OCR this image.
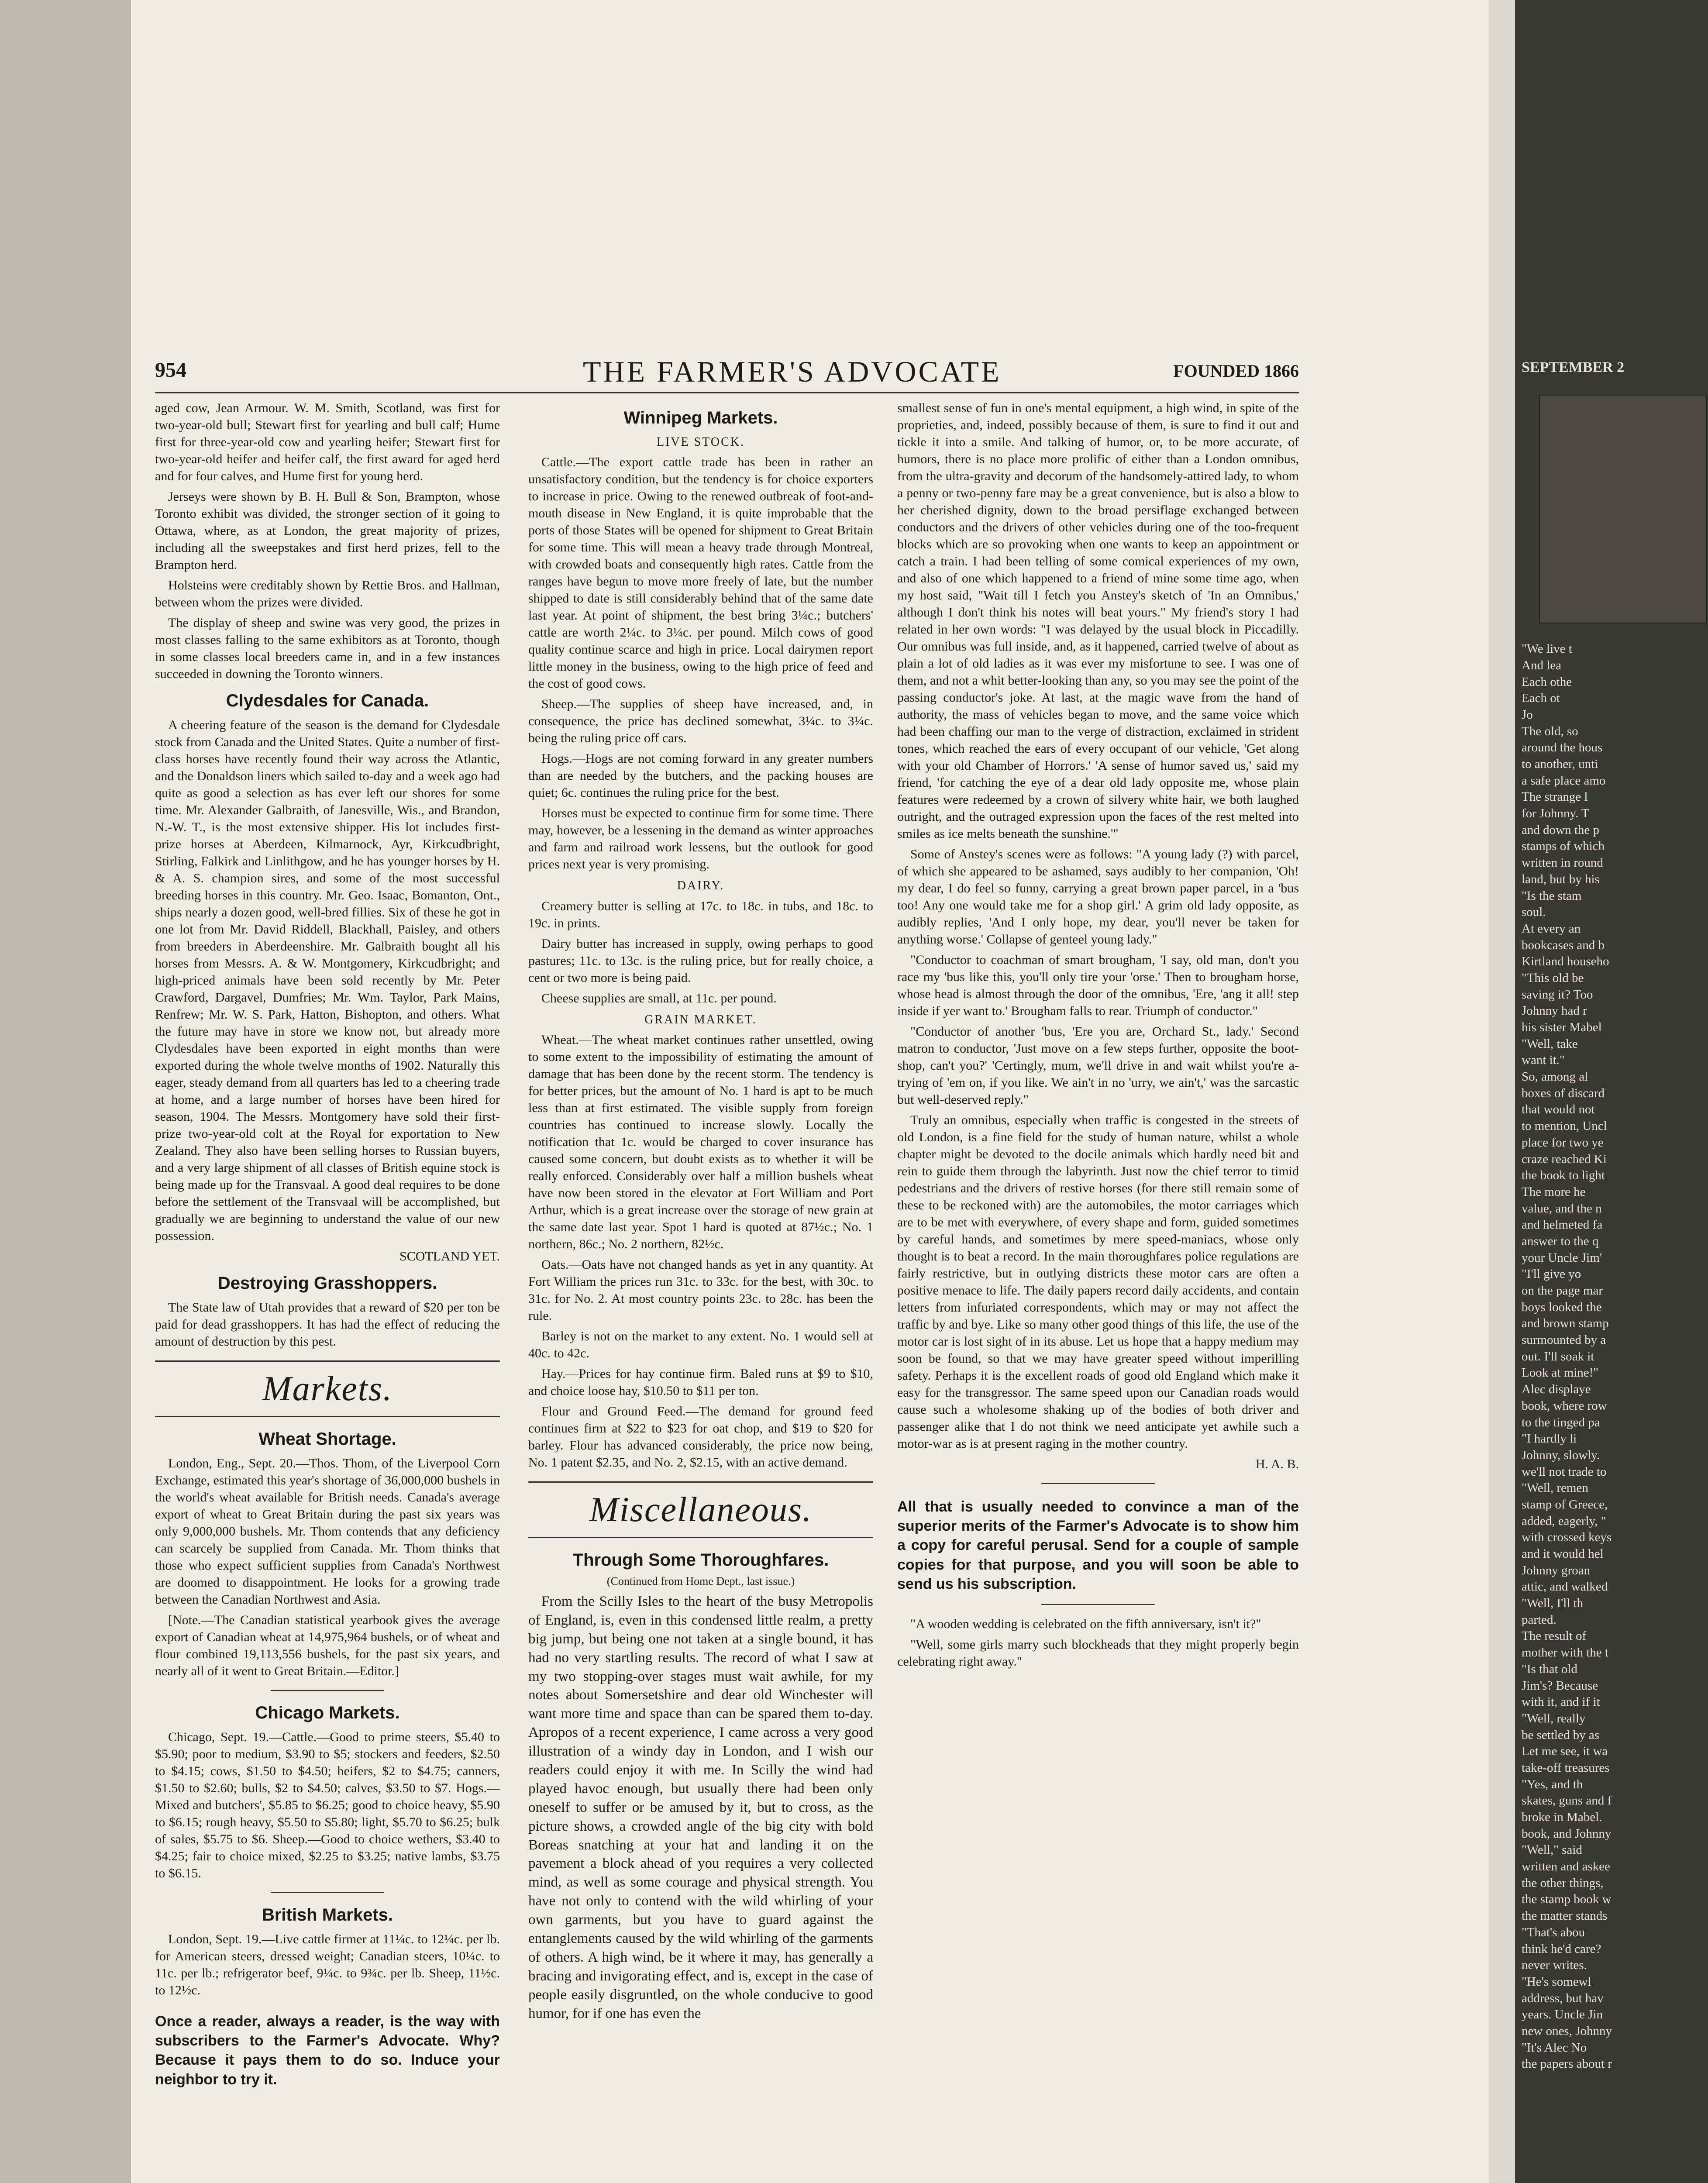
954	THE FARMER'S ADVOCATE	FOUNDED 1866

aged cow, Jean Armour. W. M. Smith, Scotland, was first for two-year-old bull; Stewart first for yearling and bull calf; Hume first for three-year-old cow and yearling heifer; Stewart first for two-year-old heifer and heifer calf, the first award for aged herd and for four calves, and Hume first for young herd.

Jerseys were shown by B. H. Bull & Son, Brampton, whose Toronto exhibit was divided, the stronger section of it going to Ottawa, where, as at London, the great majority of prizes, including all the sweepstakes and first herd prizes, fell to the Brampton herd.

Holsteins were creditably shown by Rettie Bros. and Hallman, between whom the prizes were divided.

The display of sheep and swine was very good, the prizes in most classes falling to the same exhibitors as at Toronto, though in some classes local breeders came in, and in a few instances succeeded in downing the Toronto winners.

Clydesdales for Canada.

A cheering feature of the season is the demand for Clydesdale stock from Canada and the United States. Quite a number of first-class horses have recently found their way across the Atlantic, and the Donaldson liners which sailed to-day and a week ago had quite as good a selection as has ever left our shores for some time. Mr. Alexander Galbraith, of Janesville, Wis., and Brandon, N.-W. T., is the most extensive shipper. His lot includes first-prize horses at Aberdeen, Kilmarnock, Ayr, Kirkcudbright, Stirling, Falkirk and Linlithgow, and he has younger horses by H. & A. S. champion sires, and some of the most successful breeding horses in this country. Mr. Geo. Isaac, Bomanton, Ont., ships nearly a dozen good, well-bred fillies. Six of these he got in one lot from Mr. David Riddell, Blackhall, Paisley, and others from breeders in Aberdeenshire. Mr. Galbraith bought all his horses from Messrs. A. & W. Montgomery, Kirkcudbright; and high-priced animals have been sold recently by Mr. Peter Crawford, Dargavel, Dumfries; Mr. Wm. Taylor, Park Mains, Renfrew; Mr. W. S. Park, Hatton, Bishopton, and others. What the future may have in store we know not, but already more Clydesdales have been exported in eight months than were exported during the whole twelve months of 1902. Naturally this eager, steady demand from all quarters has led to a cheering trade at home, and a large number of horses have been hired for season, 1904. The Messrs. Montgomery have sold their first-prize two-year-old colt at the Royal for exportation to New Zealand. They also have been selling horses to Russian buyers, and a very large shipment of all classes of British equine stock is being made up for the Transvaal. A good deal requires to be done before the settlement of the Transvaal will be accomplished, but gradually we are beginning to understand the value of our new possession.

SCOTLAND YET.
Destroying Grasshoppers.

The State law of Utah provides that a reward of $20 per ton be paid for dead grasshoppers. It has had the effect of reducing the amount of destruction by this pest.

Markets.
Wheat Shortage.

London, Eng., Sept. 20.—Thos. Thom, of the Liverpool Corn Exchange, estimated this year's shortage of 36,000,000 bushels in the world's wheat available for British needs. Canada's average export of wheat to Great Britain during the past six years was only 9,000,000 bushels. Mr. Thom contends that any deficiency can scarcely be supplied from Canada. Mr. Thom thinks that those who expect sufficient supplies from Canada's Northwest are doomed to disappointment. He looks for a growing trade between the Canadian Northwest and Asia.

[Note.—The Canadian statistical yearbook gives the average export of Canadian wheat at 14,975,964 bushels, or of wheat and flour combined 19,113,556 bushels, for the past six years, and nearly all of it went to Great Britain.—Editor.]

Chicago Markets.

Chicago, Sept. 19.—Cattle.—Good to prime steers, $5.40 to $5.90; poor to medium, $3.90 to $5; stockers and feeders, $2.50 to $4.15; cows, $1.50 to $4.50; heifers, $2 to $4.75; canners, $1.50 to $2.60; bulls, $2 to $4.50; calves, $3.50 to $7. Hogs.—Mixed and butchers', $5.85 to $6.25; good to choice heavy, $5.90 to $6.15; rough heavy, $5.50 to $5.80; light, $5.70 to $6.25; bulk of sales, $5.75 to $6. Sheep.—Good to choice wethers, $3.40 to $4.25; fair to choice mixed, $2.25 to $3.25; native lambs, $3.75 to $6.15.

British Markets.

London, Sept. 19.—Live cattle firmer at 11¼c. to 12¼c. per lb. for American steers, dressed weight; Canadian steers, 10¼c. to 11c. per lb.; refrigerator beef, 9¼c. to 9¾c. per lb. Sheep, 11½c. to 12½c.

Once a reader, always a reader, is the way with subscribers to the Farmer's Advocate. Why? Because it pays them to do so. Induce your neighbor to try it.

Winnipeg Markets.
LIVE STOCK.

Cattle.—The export cattle trade has been in rather an unsatisfactory condition, but the tendency is for choice exporters to increase in price. Owing to the renewed outbreak of foot-and-mouth disease in New England, it is quite improbable that the ports of those States will be opened for shipment to Great Britain for some time. This will mean a heavy trade through Montreal, with crowded boats and consequently high rates. Cattle from the ranges have begun to move more freely of late, but the number shipped to date is still considerably behind that of the same date last year. At point of shipment, the best bring 3¼c.; butchers' cattle are worth 2¼c. to 3¼c. per pound. Milch cows of good quality continue scarce and high in price. Local dairymen report little money in the business, owing to the high price of feed and the cost of good cows.

Sheep.—The supplies of sheep have increased, and, in consequence, the price has declined somewhat, 3¼c. to 3¼c. being the ruling price off cars.

Hogs.—Hogs are not coming forward in any greater numbers than are needed by the butchers, and the packing houses are quiet; 6c. continues the ruling price for the best.

Horses must be expected to continue firm for some time. There may, however, be a lessening in the demand as winter approaches and farm and railroad work lessens, but the outlook for good prices next year is very promising.

DAIRY.

Creamery butter is selling at 17c. to 18c. in tubs, and 18c. to 19c. in prints.

Dairy butter has increased in supply, owing perhaps to good pastures; 11c. to 13c. is the ruling price, but for really choice, a cent or two more is being paid.

Cheese supplies are small, at 11c. per pound.

GRAIN MARKET.

Wheat.—The wheat market continues rather unsettled, owing to some extent to the impossibility of estimating the amount of damage that has been done by the recent storm. The tendency is for better prices, but the amount of No. 1 hard is apt to be much less than at first estimated. The visible supply from foreign countries has continued to increase slowly. Locally the notification that 1c. would be charged to cover insurance has caused some concern, but doubt exists as to whether it will be really enforced. Considerably over half a million bushels wheat have now been stored in the elevator at Fort William and Port Arthur, which is a great increase over the storage of new grain at the same date last year. Spot 1 hard is quoted at 87½c.; No. 1 northern, 86c.; No. 2 northern, 82½c.

Oats.—Oats have not changed hands as yet in any quantity. At Fort William the prices run 31c. to 33c. for the best, with 30c. to 31c. for No. 2. At most country points 23c. to 28c. has been the rule.

Barley is not on the market to any extent. No. 1 would sell at 40c. to 42c.

Hay.—Prices for hay continue firm. Baled runs at $9 to $10, and choice loose hay, $10.50 to $11 per ton.

Flour and Ground Feed.—The demand for ground feed continues firm at $22 to $23 for oat chop, and $19 to $20 for barley. Flour has advanced considerably, the price now being, No. 1 patent $2.35, and No. 2, $2.15, with an active demand.

Miscellaneous.
Through Some Thoroughfares.
(Continued from Home Dept., last issue.)

From the Scilly Isles to the heart of the busy Metropolis of England, is, even in this condensed little realm, a pretty big jump, but being one not taken at a single bound, it has had no very startling results. The record of what I saw at my two stopping-over stages must wait awhile, for my notes about Somersetshire and dear old Winchester will want more time and space than can be spared them to-day. Apropos of a recent experience, I came across a very good illustration of a windy day in London, and I wish our readers could enjoy it with me. In Scilly the wind had played havoc enough, but usually there had been only oneself to suffer or be amused by it, but to cross, as the picture shows, a crowded angle of the big city with bold Boreas snatching at your hat and landing it on the pavement a block ahead of you requires a very collected mind, as well as some courage and physical strength. You have not only to contend with the wild whirling of your own garments, but you have to guard against the entanglements caused by the wild whirling of the garments of others. A high wind, be it where it may, has generally a bracing and invigorating effect, and is, except in the case of people easily disgruntled, on the whole conducive to good humor, for if one has even the

smallest sense of fun in one's mental equipment, a high wind, in spite of the proprieties, and, indeed, possibly because of them, is sure to find it out and tickle it into a smile. And talking of humor, or, to be more accurate, of humors, there is no place more prolific of either than a London omnibus, from the ultra-gravity and decorum of the handsomely-attired lady, to whom a penny or two-penny fare may be a great convenience, but is also a blow to her cherished dignity, down to the broad persiflage exchanged between conductors and the drivers of other vehicles during one of the too-frequent blocks which are so provoking when one wants to keep an appointment or catch a train. I had been telling of some comical experiences of my own, and also of one which happened to a friend of mine some time ago, when my host said, "Wait till I fetch you Anstey's sketch of 'In an Omnibus,' although I don't think his notes will beat yours." My friend's story I had related in her own words: "I was delayed by the usual block in Piccadilly. Our omnibus was full inside, and, as it happened, carried twelve of about as plain a lot of old ladies as it was ever my misfortune to see. I was one of them, and not a whit better-looking than any, so you may see the point of the passing conductor's joke. At last, at the magic wave from the hand of authority, the mass of vehicles began to move, and the same voice which had been chaffing our man to the verge of distraction, exclaimed in strident tones, which reached the ears of every occupant of our vehicle, 'Get along with your old Chamber of Horrors.' 'A sense of humor saved us,' said my friend, 'for catching the eye of a dear old lady opposite me, whose plain features were redeemed by a crown of silvery white hair, we both laughed outright, and the outraged expression upon the faces of the rest melted into smiles as ice melts beneath the sunshine.'"

Some of Anstey's scenes were as follows: "A young lady (?) with parcel, of which she appeared to be ashamed, says audibly to her companion, 'Oh! my dear, I do feel so funny, carrying a great brown paper parcel, in a 'bus too! Any one would take me for a shop girl.' A grim old lady opposite, as audibly replies, 'And I only hope, my dear, you'll never be taken for anything worse.' Collapse of genteel young lady."

"Conductor to coachman of smart brougham, 'I say, old man, don't you race my 'bus like this, you'll only tire your 'orse.' Then to brougham horse, whose head is almost through the door of the omnibus, 'Ere, 'ang it all! step inside if yer want to.' Brougham falls to rear. Triumph of conductor."

"Conductor of another 'bus, 'Ere you are, Orchard St., lady.' Second matron to conductor, 'Just move on a few steps further, opposite the boot-shop, can't you?' 'Certingly, mum, we'll drive in and wait whilst you're a-trying of 'em on, if you like. We ain't in no 'urry, we ain't,' was the sarcastic but well-deserved reply."

Truly an omnibus, especially when traffic is congested in the streets of old London, is a fine field for the study of human nature, whilst a whole chapter might be devoted to the docile animals which hardly need bit and rein to guide them through the labyrinth. Just now the chief terror to timid pedestrians and the drivers of restive horses (for there still remain some of these to be reckoned with) are the automobiles, the motor carriages which are to be met with everywhere, of every shape and form, guided sometimes by careful hands, and sometimes by mere speed-maniacs, whose only thought is to beat a record. In the main thoroughfares police regulations are fairly restrictive, but in outlying districts these motor cars are often a positive menace to life. The daily papers record daily accidents, and contain letters from infuriated correspondents, which may or may not affect the traffic by and bye. Like so many other good things of this life, the use of the motor car is lost sight of in its abuse. Let us hope that a happy medium may soon be found, so that we may have greater speed without imperilling safety. Perhaps it is the excellent roads of good old England which make it easy for the transgressor. The same speed upon our Canadian roads would cause such a wholesome shaking up of the bodies of both driver and passenger alike that I do not think we need anticipate yet awhile such a motor-war as is at present raging in the mother country.

H. A. B.

All that is usually needed to convince a man of the superior merits of the Farmer's Advocate is to show him a copy for careful perusal. Send for a couple of sample copies for that purpose, and you will soon be able to send us his subscription.

"A wooden wedding is celebrated on the fifth anniversary, isn't it?"

"Well, some girls marry such blockheads that they might properly begin celebrating right away."

SEPTEMBER 2
"We live t
And lea
Each othe
Each ot
Jo
The old, so
around the hous
to another, unti
a safe place amo
The strange l
for Johnny. T
and down the p
stamps of which
written in round
land, but by his
"Is the stam
soul.
At every an
bookcases and b
Kirtland househo
"This old be
saving it? Too
Johnny had r
his sister Mabel
"Well, take
want it."
So, among al
boxes of discard
that would not
to mention, Uncl
place for two ye
craze reached Ki
the book to light
The more he
value, and the n
and helmeted fa
answer to the q
your Uncle Jim'
"I'll give yo
on the page mar
boys looked the
and brown stamp
surmounted by a
out. I'll soak it
Look at mine!"
Alec displaye
book, where row
to the tinged pa
"I hardly li
Johnny, slowly.
we'll not trade to
"Well, remen
stamp of Greece,
added, eagerly, "
with crossed keys
and it would hel
Johnny groan
attic, and walked
"Well, I'll th
parted.
The result of
mother with the t
"Is that old
Jim's? Because
with it, and if it
"Well, really
be settled by as
Let me see, it wa
take-off treasures
"Yes, and th
skates, guns and f
broke in Mabel.
book, and Johnny
"Well," said
written and askee
the other things,
the stamp book w
the matter stands
"That's abou
think he'd care?
never writes.
"He's somewl
address, but hav
years. Uncle Jin
new ones, Johnny
"It's Alec No
the papers about r
